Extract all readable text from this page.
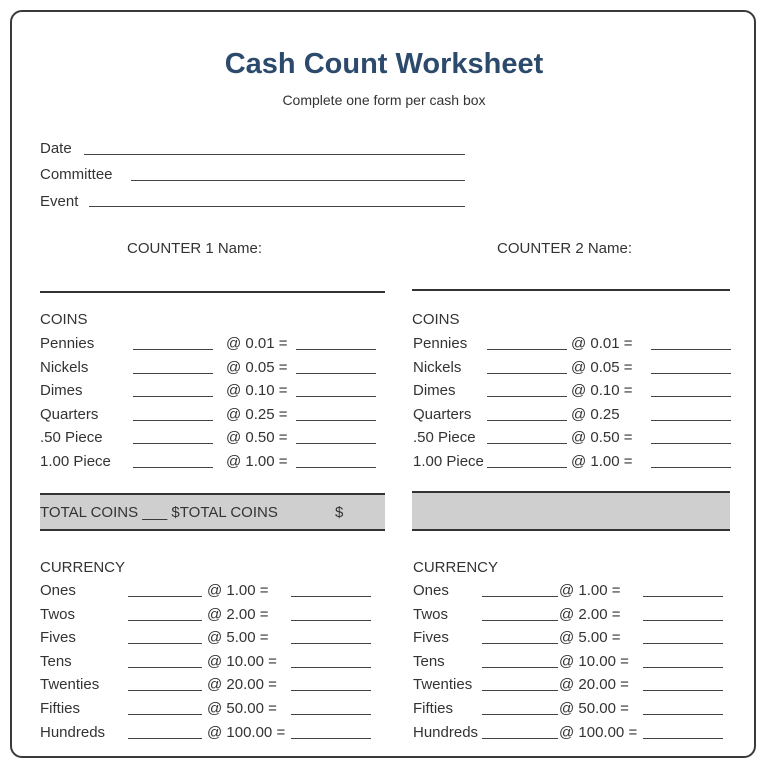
Cash Count Worksheet
Complete one form per cash box
Date
Committee
Event
COUNTER 1 Name:	COUNTER 2 Name:
COINS	COINS
Pennies	@ 0.01 =
Nickels	@ 0.05 =
Dimes	@ 0.10 =
Quarters	@ 0.25 =
.50 Piece	@ 0.50 =
1.00 Piece	@ 1.00 =
Pennies	@ 0.01 =
Nickels	@ 0.05 =
Dimes	@ 0.10 =
Quarters	@ 0.25
.50 Piece	@ 0.50 =
1.00 Piece	@ 1.00 =
TOTAL COINS ___ $TOTAL COINS	$
CURRENCY	CURRENCY
Ones	@ 1.00 =
Twos	@ 2.00 =
Fives	@ 5.00 =
Tens	@ 10.00 =
Twenties	@ 20.00 =
Fifties	@ 50.00 =
Hundreds	@ 100.00 =
Ones	@ 1.00 =
Twos	@ 2.00 =
Fives	@ 5.00 =
Tens	@ 10.00 =
Twenties	@ 20.00 =
Fifties	@ 50.00 =
Hundreds	@ 100.00 =
